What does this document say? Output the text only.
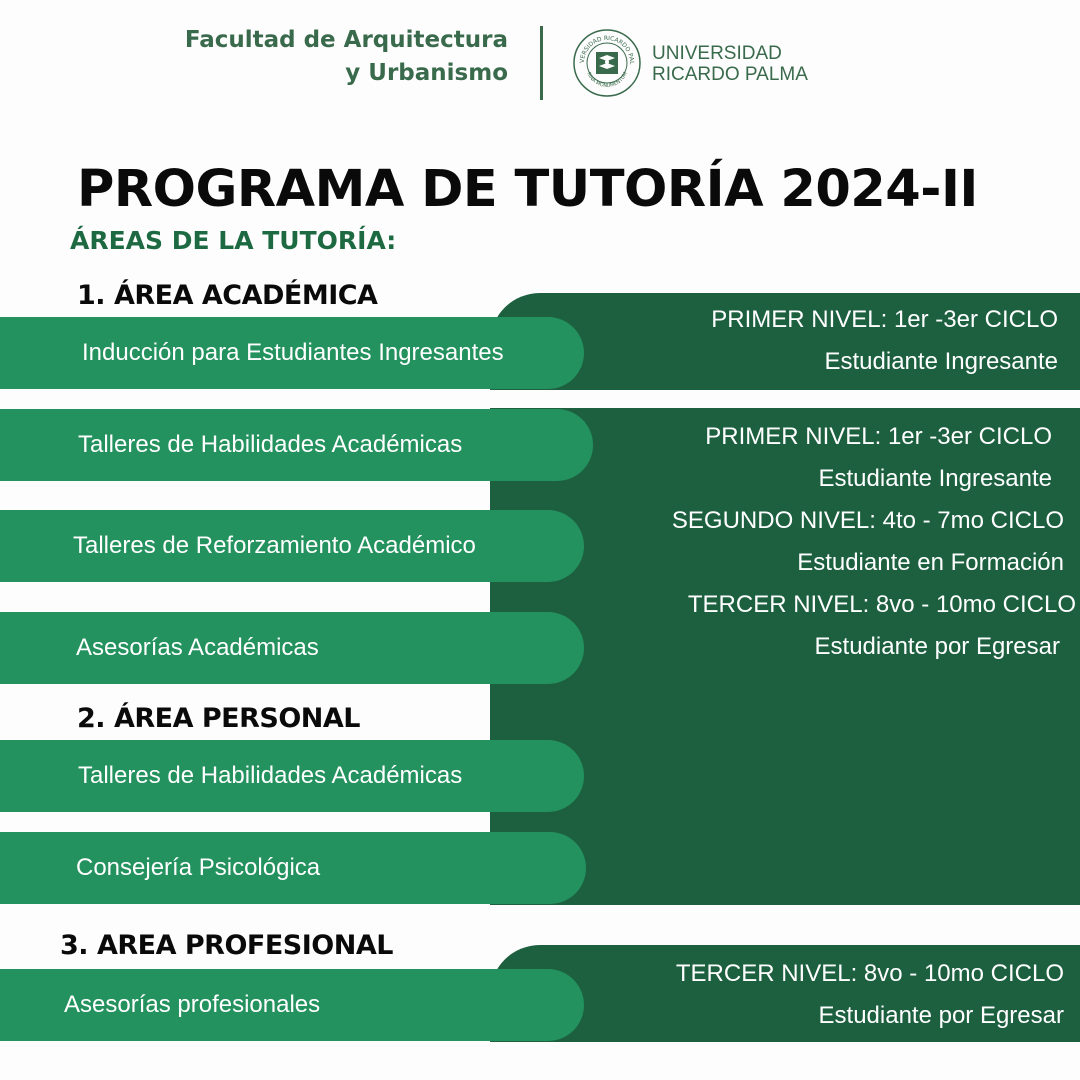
Facultad de Arquitectura
y Urbanismo	VERSIDAD RICARDO PAL
RINA MONUMENTUM
UNIVERSIDAD
RICARDO PALMA
PROGRAMA DE TUTORÍA 2024-II
ÁREAS DE LA TUTORÍA:
1. ÁREA ACADÉMICA
Inducción para Estudiantes Ingresantes
Talleres de Habilidades Académicas
Talleres de Reforzamiento Académico
Asesorías Académicas
2. ÁREA PERSONAL
Talleres de Habilidades Académicas
Consejería Psicológica
3. AREA PROFESIONAL
Asesorías profesionales
PRIMER NIVEL: 1er -3er CICLO
Estudiante Ingresante
PRIMER NIVEL: 1er -3er CICLO
Estudiante Ingresante
SEGUNDO NIVEL: 4to - 7mo CICLO
Estudiante en Formación
TERCER NIVEL: 8vo - 10mo CICLO
Estudiante por Egresar
TERCER NIVEL: 8vo - 10mo CICLO
Estudiante por Egresar
